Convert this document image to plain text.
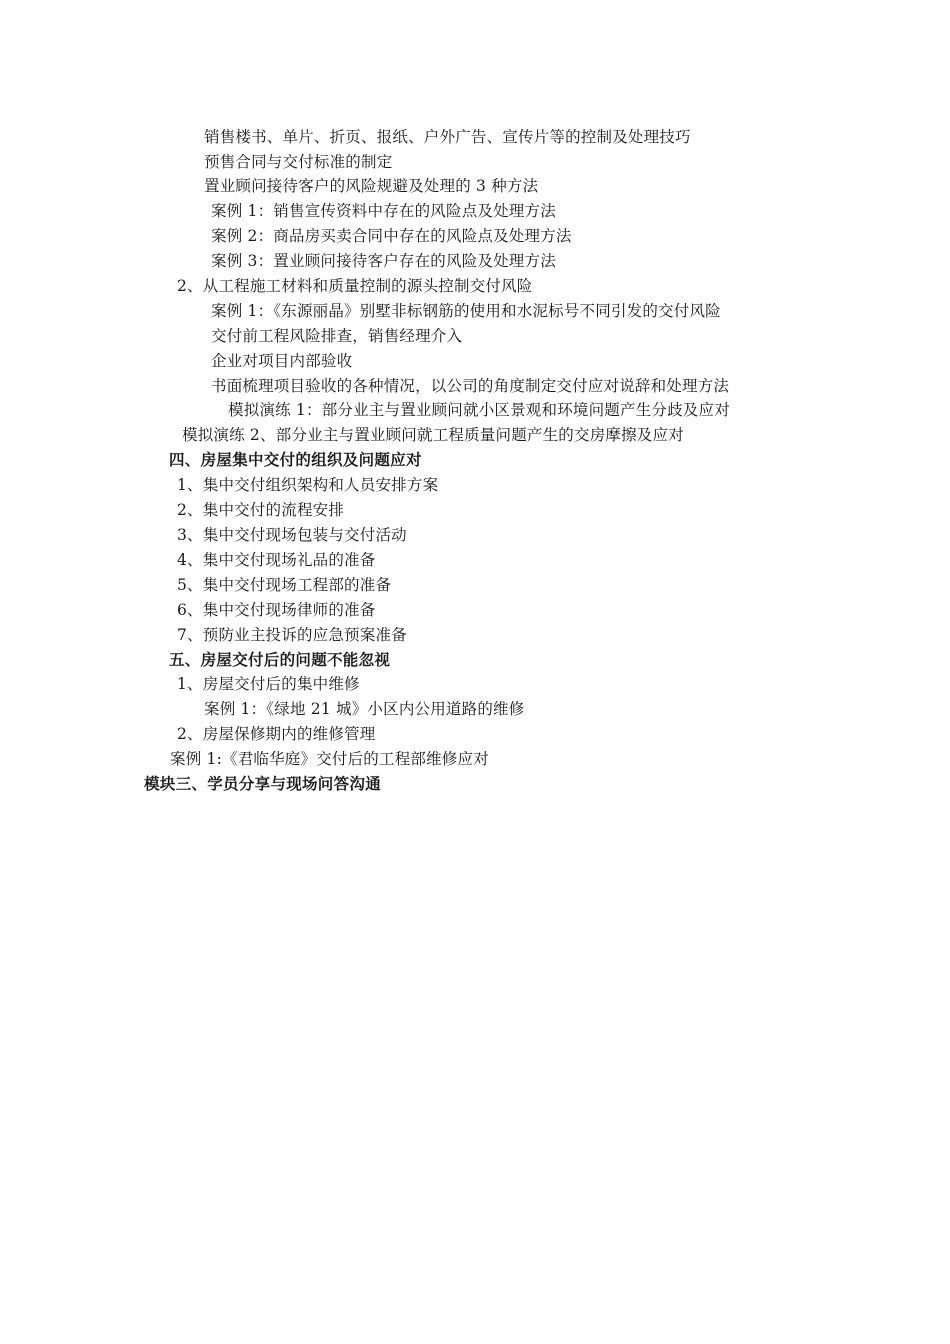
销售楼书、单片、折页、报纸、户外广告、宣传片等的控制及处理技巧
预售合同与交付标准的制定
置业顾问接待客户的风险规避及处理的 3 种方法
案例 1：销售宣传资料中存在的风险点及处理方法
案例 2：商品房买卖合同中存在的风险点及处理方法
案例 3：置业顾问接待客户存在的风险及处理方法
2、从工程施工材料和质量控制的源头控制交付风险
案例 1：《东源丽晶》别墅非标钢筋的使用和水泥标号不同引发的交付风险
交付前工程风险排查，销售经理介入
企业对项目内部验收
书面梳理项目验收的各种情况，以公司的角度制定交付应对说辞和处理方法
模拟演练 1：部分业主与置业顾问就小区景观和环境问题产生分歧及应对
模拟演练 2、部分业主与置业顾问就工程质量问题产生的交房摩擦及应对
四、房屋集中交付的组织及问题应对
1、集中交付组织架构和人员安排方案
2、集中交付的流程安排
3、集中交付现场包装与交付活动
4、集中交付现场礼品的准备
5、集中交付现场工程部的准备
6、集中交付现场律师的准备
7、预防业主投诉的应急预案准备
五、房屋交付后的问题不能忽视
1、房屋交付后的集中维修
案例 1：《绿地 21 城》小区内公用道路的维修
2、房屋保修期内的维修管理
案例 1:《君临华庭》交付后的工程部维修应对
模块三、学员分享与现场问答沟通
